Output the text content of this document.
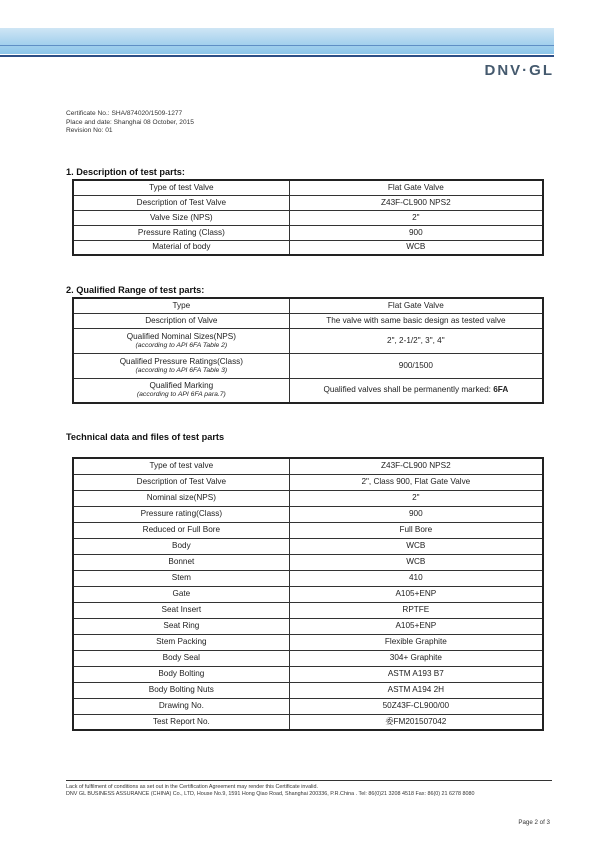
DNV·GL
Certificate No.: SHA/874020/1509-1277
Place and date: Shanghai 08 October, 2015
Revision No: 01
1. Description of test parts:
Type of test Valve	Flat Gate Valve
Description of Test Valve	Z43F-CL900 NPS2
Valve Size (NPS)	2"
Pressure Rating (Class)	900
Material of body	WCB
2. Qualified Range of test parts:
Type	Flat Gate Valve
Description of Valve	The valve with same basic design as tested valve
Qualified Nominal Sizes(NPS)
(according to API 6FA Table 2)	2", 2-1/2", 3", 4"
Qualified Pressure Ratings(Class)
(according to API 6FA Table 3)	900/1500
Qualified Marking
(according to API 6FA para.7)	Qualified valves shall be permanently marked: 6FA
Technical data and files of test parts
Type of test valve	Z43F-CL900 NPS2
Description of Test Valve	2", Class 900, Flat Gate Valve
Nominal size(NPS)	2"
Pressure rating(Class)	900
Reduced or Full Bore	Full Bore
Body	WCB
Bonnet	WCB
Stem	410
Gate	A105+ENP
Seat Insert	RPTFE
Seat Ring	A105+ENP
Stem Packing	Flexible Graphite
Body Seal	304+ Graphite
Body Bolting	ASTM A193 B7
Body Bolting Nuts	ASTM A194 2H
Drawing No.	50Z43F-CL900/00
Test Report No.	委FM201507042
Lack of fulfilment of conditions as set out in the Certification Agreement may render this Certificate invalid.
DNV GL BUSINESS ASSURANCE (CHINA) Co., LTD, House No.9, 1591 Hong Qiao Road, Shanghai 200336, P.R.China . Tel: 86(0)21 3208 4518 Fax: 86(0) 21 6278 8080
Page 2 of 3
